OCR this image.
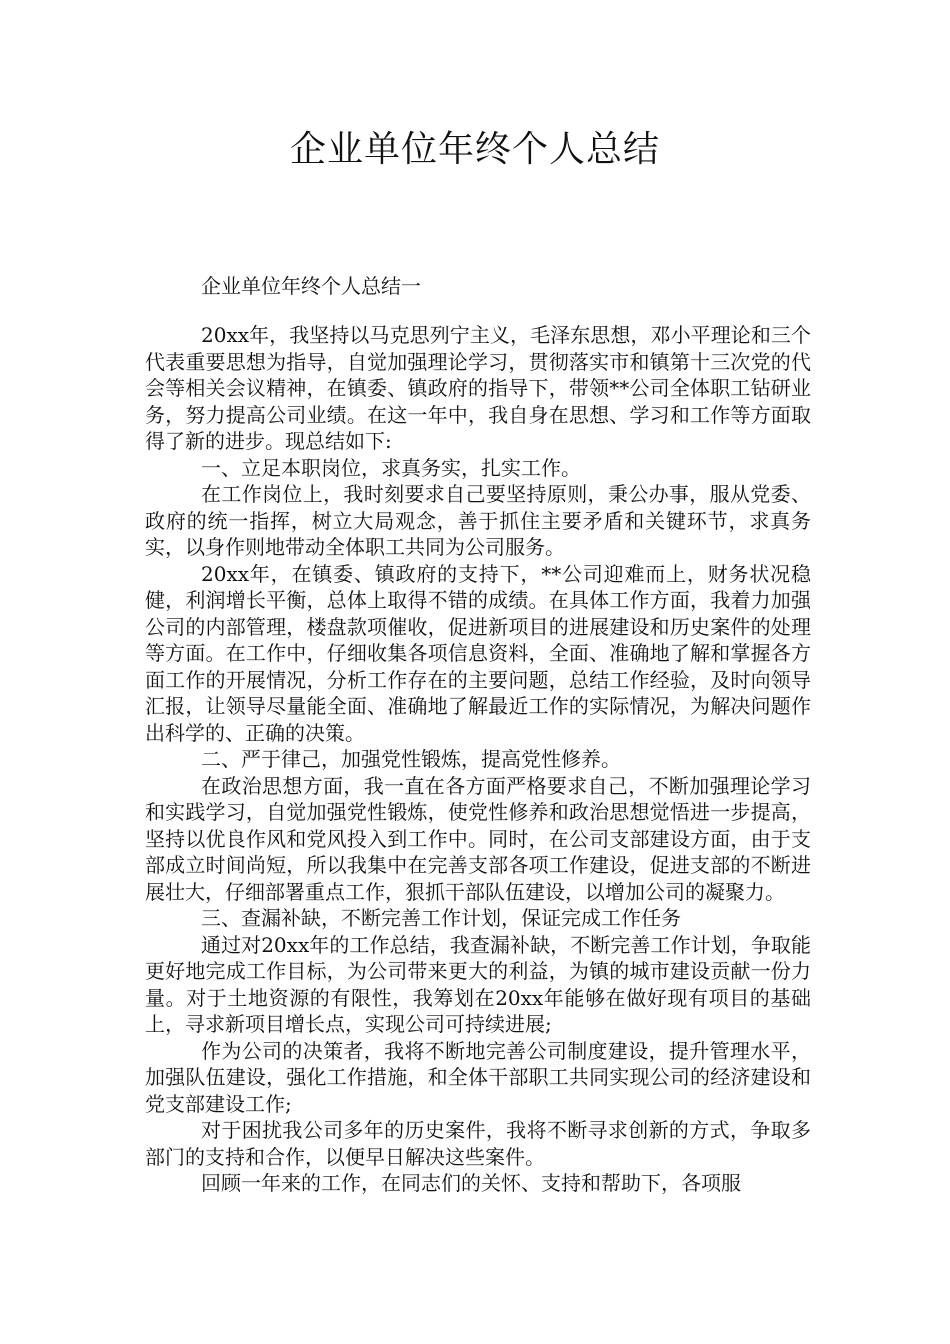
企业单位年终个人总结

企业单位年终个人总结一

20xx年，我坚持以马克思列宁主义，毛泽东思想，邓小平理论和三个代表重要思想为指导，自觉加强理论学习，贯彻落实市和镇第十三次党的代会等相关会议精神，在镇委、镇政府的指导下，带领**公司全体职工钻研业务，努力提高公司业绩。在这一年中，我自身在思想、学习和工作等方面取得了新的进步。现总结如下:

一、立足本职岗位，求真务实，扎实工作。

在工作岗位上，我时刻要求自己要坚持原则，秉公办事，服从党委、政府的统一指挥，树立大局观念，善于抓住主要矛盾和关键环节，求真务实，以身作则地带动全体职工共同为公司服务。

20xx年，在镇委、镇政府的支持下，**公司迎难而上，财务状况稳健，利润增长平衡，总体上取得不错的成绩。在具体工作方面，我着力加强公司的内部管理，楼盘款项催收，促进新项目的进展建设和历史案件的处理等方面。在工作中，仔细收集各项信息资料，全面、准确地了解和掌握各方面工作的开展情况，分析工作存在的主要问题，总结工作经验，及时向领导汇报，让领导尽量能全面、准确地了解最近工作的实际情况，为解决问题作出科学的、正确的决策。

二、严于律己，加强党性锻炼，提高党性修养。

在政治思想方面，我一直在各方面严格要求自己，不断加强理论学习和实践学习，自觉加强党性锻炼，使党性修养和政治思想觉悟进一步提高，坚持以优良作风和党风投入到工作中。同时，在公司支部建设方面，由于支部成立时间尚短，所以我集中在完善支部各项工作建设，促进支部的不断进展壮大，仔细部署重点工作，狠抓干部队伍建设，以增加公司的凝聚力。

三、查漏补缺，不断完善工作计划，保证完成工作任务

通过对20xx年的工作总结，我查漏补缺，不断完善工作计划，争取能更好地完成工作目标，为公司带来更大的利益，为镇的城市建设贡献一份力量。对于土地资源的有限性，我筹划在20xx年能够在做好现有项目的基础上，寻求新项目增长点，实现公司可持续进展;

作为公司的决策者，我将不断地完善公司制度建设，提升管理水平，加强队伍建设，强化工作措施，和全体干部职工共同实现公司的经济建设和党支部建设工作;

对于困扰我公司多年的历史案件，我将不断寻求创新的方式，争取多部门的支持和合作，以便早日解决这些案件。

回顾一年来的工作，在同志们的关怀、支持和帮助下，各项服
